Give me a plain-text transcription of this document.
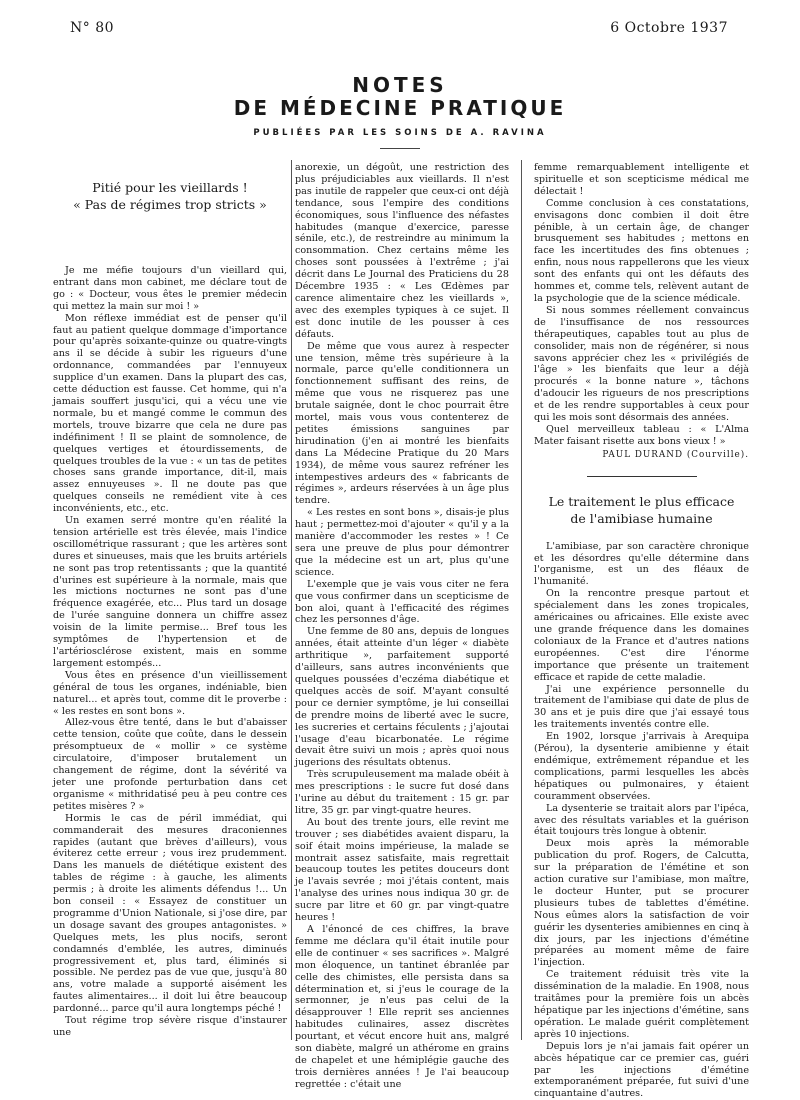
N° 80	6 Octobre 1937
NOTES
DE MÉDECINE PRATIQUE
PUBLIÉES PAR LES SOINS DE A. RAVINA
Pitié pour les vieillards !
« Pas de régimes trop stricts »

Je me méfie toujours d'un vieillard qui, entrant dans mon cabinet, me déclare tout de go : « Docteur, vous êtes le premier médecin qui mettez la main sur moi ! »

Mon réflexe immédiat est de penser qu'il faut au patient quelque dommage d'importance pour qu'après soixante-quinze ou quatre-vingts ans il se décide à subir les rigueurs d'une ordonnance, commandées par l'ennuyeux supplice d'un examen. Dans la plupart des cas, cette déduction est fausse. Cet homme, qui n'a jamais souffert jusqu'ici, qui a vécu une vie normale, bu et mangé comme le commun des mortels, trouve bizarre que cela ne dure pas indéfiniment ! Il se plaint de somnolence, de quelques vertiges et étourdissements, de quelques troubles de la vue : « un tas de petites choses sans grande importance, dit-il, mais assez ennuyeuses ». Il ne doute pas que quelques conseils ne remédient vite à ces inconvénients, etc., etc.

Un examen serré montre qu'en réalité la tension artérielle est très élevée, mais l'indice oscillométrique rassurant ; que les artères sont dures et sinueuses, mais que les bruits artériels ne sont pas trop retentissants ; que la quantité d'urines est supérieure à la normale, mais que les mictions nocturnes ne sont pas d'une fréquence exagérée, etc... Plus tard un dosage de l'urée sanguine donnera un chiffre assez voisin de la limite permise... Bref tous les symptômes de l'hypertension et de l'artériosclérose existent, mais en somme largement estompés...

Vous êtes en présence d'un vieillissement général de tous les organes, indéniable, bien naturel... et après tout, comme dit le proverbe : « les restes en sont bons ».

Allez-vous être tenté, dans le but d'abaisser cette tension, coûte que coûte, dans le dessein présomptueux de « mollir » ce système circulatoire, d'imposer brutalement un changement de régime, dont la sévérité va jeter une profonde perturbation dans cet organisme « mithridatisé peu à peu contre ces petites misères ? »

Hormis le cas de péril immédiat, qui commanderait des mesures draconiennes rapides (autant que brèves d'ailleurs), vous éviterez cette erreur ; vous irez prudemment. Dans les manuels de diététique existent des tables de régime : à gauche, les aliments permis ; à droite les aliments défendus !... Un bon conseil : « Essayez de constituer un programme d'Union Nationale, si j'ose dire, par un dosage savant des groupes antagonistes. » Quelques mets, les plus nocifs, seront condamnés d'emblée, les autres, diminués progressivement et, plus tard, éliminés si possible. Ne perdez pas de vue que, jusqu'à 80 ans, votre malade a supporté aisément les fautes alimentaires... il doit lui être beaucoup pardonné... parce qu'il aura longtemps péché !

Tout régime trop sévère risque d'instaurer une

anorexie, un dégoût, une restriction des plus préjudiciables aux vieillards. Il n'est pas inutile de rappeler que ceux-ci ont déjà tendance, sous l'empire des conditions économiques, sous l'influence des néfastes habitudes (manque d'exercice, paresse sénile, etc.), de restreindre au minimum la consommation. Chez certains même les choses sont poussées à l'extrême ; j'ai décrit dans Le Journal des Praticiens du 28 Décembre 1935 : « Les Œdèmes par carence alimentaire chez les vieillards », avec des exemples typiques à ce sujet. Il est donc inutile de les pousser à ces défauts.

De même que vous aurez à respecter une tension, même très supérieure à la normale, parce qu'elle conditionnera un fonctionnement suffisant des reins, de même que vous ne risquerez pas une brutale saignée, dont le choc pourrait être mortel, mais vous vous contenterez de petites émissions sanguines par hirudination (j'en ai montré les bienfaits dans La Médecine Pratique du 20 Mars 1934), de même vous saurez refréner les intempestives ardeurs des « fabricants de régimes », ardeurs réservées à un âge plus tendre.

« Les restes en sont bons », disais-je plus haut ; permettez-moi d'ajouter « qu'il y a la manière d'accommoder les restes » ! Ce sera une preuve de plus pour démontrer que la médecine est un art, plus qu'une science.

L'exemple que je vais vous citer ne fera que vous confirmer dans un scepticisme de bon aloi, quant à l'efficacité des régimes chez les personnes d'âge.

Une femme de 80 ans, depuis de longues années, était atteinte d'un léger « diabète arthritique », parfaitement supporté d'ailleurs, sans autres inconvénients que quelques poussées d'eczéma diabétique et quelques accès de soif. M'ayant consulté pour ce dernier symptôme, je lui conseillai de prendre moins de liberté avec le sucre, les sucreries et certains féculents ; j'ajoutai l'usage d'eau bicarbonatée. Le régime devait être suivi un mois ; après quoi nous jugerions des résultats obtenus.

Très scrupuleusement ma malade obéit à mes prescriptions : le sucre fut dosé dans l'urine au début du traitement : 15 gr. par litre, 35 gr. par vingt-quatre heures.

Au bout des trente jours, elle revint me trouver ; ses diabétides avaient disparu, la soif était moins impérieuse, la malade se montrait assez satisfaite, mais regrettait beaucoup toutes les petites douceurs dont je l'avais sevrée ; moi j'étais content, mais l'analyse des urines nous indiqua 30 gr. de sucre par litre et 60 gr. par vingt-quatre heures !

A l'énoncé de ces chiffres, la brave femme me déclara qu'il était inutile pour elle de continuer « ses sacrifices ». Malgré mon éloquence, un tantinet ébranlée par celle des chimistes, elle persista dans sa détermination et, si j'eus le courage de la sermonner, je n'eus pas celui de la désapprouver ! Elle reprit ses anciennes habitudes culinaires, assez discrètes pourtant, et vécut encore huit ans, malgré son diabète, malgré un athérome en grains de chapelet et une hémiplégie gauche des trois dernières années ! Je l'ai beaucoup regrettée : c'était une

femme remarquablement intelligente et spirituelle et son scepticisme médical me délectait !

Comme conclusion à ces constatations, envisagons donc combien il doit être pénible, à un certain âge, de changer brusquement ses habitudes ; mettons en face les incertitudes des fins obtenues ; enfin, nous nous rappellerons que les vieux sont des enfants qui ont les défauts des hommes et, comme tels, relèvent autant de la psychologie que de la science médicale.

Si nous sommes réellement convaincus de l'insuffisance de nos ressources thérapeutiques, capables tout au plus de consolider, mais non de régénérer, si nous savons apprécier chez les « privilégiés de l'âge » les bienfaits que leur a déjà procurés « la bonne nature », tâchons d'adoucir les rigueurs de nos prescriptions et de les rendre supportables à ceux pour qui les mois sont désormais des années.

Quel merveilleux tableau : « L'Alma Mater faisant risette aux bons vieux ! »

PAUL DURAND (Courville).
Le traitement le plus efficace
de l'amibiase humaine

L'amibiase, par son caractère chronique et les désordres qu'elle détermine dans l'organisme, est un des fléaux de l'humanité.

On la rencontre presque partout et spécialement dans les zones tropicales, américaines ou africaines. Elle existe avec une grande fréquence dans les domaines coloniaux de la France et d'autres nations européennes. C'est dire l'énorme importance que présente un traitement efficace et rapide de cette maladie.

J'ai une expérience personnelle du traitement de l'amibiase qui date de plus de 30 ans et je puis dire que j'ai essayé tous les traitements inventés contre elle.

En 1902, lorsque j'arrivais à Arequipa (Pérou), la dysenterie amibienne y était endémique, extrêmement répandue et les complications, parmi lesquelles les abcès hépatiques ou pulmonaires, y étaient couramment observées.

La dysenterie se traitait alors par l'ipéca, avec des résultats variables et la guérison était toujours très longue à obtenir.

Deux mois après la mémorable publication du prof. Rogers, de Calcutta, sur la préparation de l'émétine et son action curative sur l'amibiase, mon maître, le docteur Hunter, put se procurer plusieurs tubes de tablettes d'émétine. Nous eûmes alors la satisfaction de voir guérir les dysenteries amibiennes en cinq à dix jours, par les injections d'émétine préparées au moment même de faire l'injection.

Ce traitement réduisit très vite la dissémination de la maladie. En 1908, nous traitâmes pour la première fois un abcès hépatique par les injections d'émétine, sans opération. Le malade guérit complètement après 10 injections.

Depuis lors je n'ai jamais fait opérer un abcès hépatique car ce premier cas, guéri par les injections d'émétine extemporanément préparée, fut suivi d'une cinquantaine d'autres.
